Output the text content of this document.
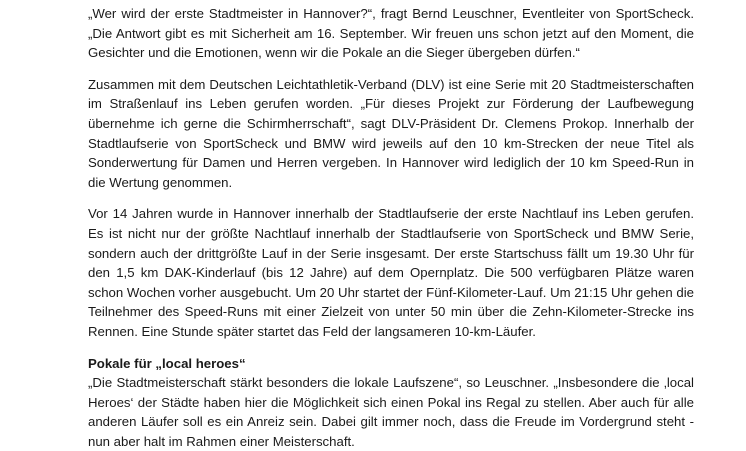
„Wer wird der erste Stadtmeister in Hannover?“, fragt Bernd Leuschner, Eventleiter von SportScheck. „Die Antwort gibt es mit Sicherheit am 16. September. Wir freuen uns schon jetzt auf den Moment, die Gesichter und die Emotionen, wenn wir die Pokale an die Sieger übergeben dürfen.“

Zusammen mit dem Deutschen Leichtathletik-Verband (DLV) ist eine Serie mit 20 Stadtmeisterschaften im Straßenlauf ins Leben gerufen worden. „Für dieses Projekt zur Förderung der Laufbewegung übernehme ich gerne die Schirmherrschaft“, sagt DLV-Präsident Dr. Clemens Prokop. Innerhalb der Stadtlaufserie von SportScheck und BMW wird jeweils auf den 10 km-Strecken der neue Titel als Sonderwertung für Damen und Herren vergeben. In Hannover wird lediglich der 10 km Speed-Run in die Wertung genommen.

Vor 14 Jahren wurde in Hannover innerhalb der Stadtlaufserie der erste Nachtlauf ins Leben gerufen. Es ist nicht nur der größte Nachtlauf innerhalb der Stadtlaufserie von SportScheck und BMW Serie, sondern auch der drittgrößte Lauf in der Serie insgesamt. Der erste Startschuss fällt um 19.30 Uhr für den 1,5 km DAK-Kinderlauf (bis 12 Jahre) auf dem Opernplatz. Die 500 verfügbaren Plätze waren schon Wochen vorher ausgebucht. Um 20 Uhr startet der Fünf-Kilometer-Lauf. Um 21:15 Uhr gehen die Teilnehmer des Speed-Runs mit einer Zielzeit von unter 50 min über die Zehn-Kilometer-Strecke ins Rennen. Eine Stunde später startet das Feld der langsameren 10-km-Läufer.

Pokale für „local heroes“

„Die Stadtmeisterschaft stärkt besonders die lokale Laufszene“, so Leuschner. „Insbesondere die ‚local Heroes‘ der Städte haben hier die Möglichkeit sich einen Pokal ins Regal zu stellen. Aber auch für alle anderen Läufer soll es ein Anreiz sein. Dabei gilt immer noch, dass die Freude im Vordergrund steht - nun aber halt im Rahmen einer Meisterschaft.
